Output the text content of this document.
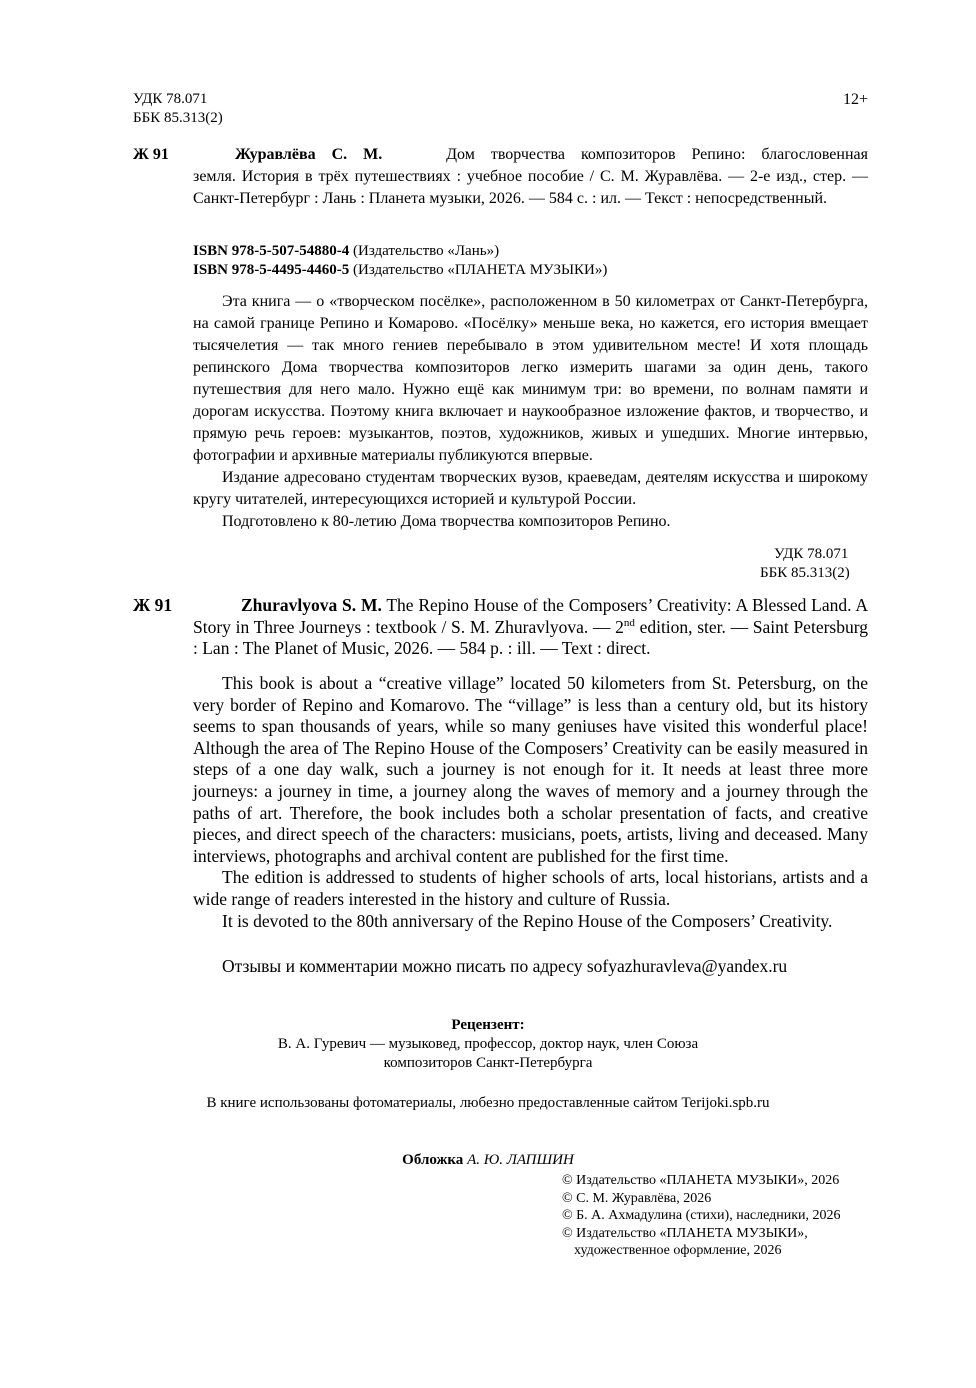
УДК 78.071
ББК 85.313(2)
12+
Ж 91	Журавлёва С. М.	Дом творчества композиторов Репино: благословенная
земля. История в трёх путешествиях : учебное пособие / С. М. Журавлёва. — 2-е изд., стер. — Санкт-Петербург : Лань : Планета музыки, 2026. — 584 с. : ил. — Текст : непосредственный.
ISBN 978-5-507-54880-4 (Издательство «Лань»)
ISBN 978-5-4495-4460-5 (Издательство «ПЛАНЕТА МУЗЫКИ»)

Эта книга — о «творческом посёлке», расположенном в 50 километрах от Санкт-Петербурга, на самой границе Репино и Комарово. «Посёлку» меньше века, но кажется, его история вмещает тысячелетия — так много гениев перебывало в этом удивительном месте! И хотя площадь репинского Дома творчества композиторов легко измерить шагами за один день, такого путешествия для него мало. Нужно ещё как минимум три: во времени, по волнам памяти и дорогам искусства. Поэтому книга включает и наукообразное изложение фактов, и творчество, и прямую речь героев: музыкантов, поэтов, художников, живых и ушедших. Многие интервью, фотографии и архивные материалы публикуются впервые.

Издание адресовано студентам творческих вузов, краеведам, деятелям искусства и широкому кругу читателей, интересующихся историей и культурой России.

Подготовлено к 80-летию Дома творчества композиторов Репино.

УДК 78.071
ББК 85.313(2)
Ж 91	Zhuravlyova S. M. The Repino House of the Composers’ Creativity: A Blessed Land. A Story in Three Journeys : textbook / S. M. Zhuravlyova. — 2nd edition, ster. — Saint Petersburg : Lan : The Planet of Music, 2026. — 584 p. : ill. — Text : direct.

This book is about a “creative village” located 50 kilometers from St. Petersburg, on the very border of Repino and Komarovo. The “village” is less than a century old, but its history seems to span thousands of years, while so many geniuses have visited this wonderful place! Although the area of The Repino House of the Composers’ Creativity can be easily measured in steps of a one day walk, such a journey is not enough for it. It needs at least three more journeys: a journey in time, a journey along the waves of memory and a journey through the paths of art. Therefore, the book includes both a scholar presentation of facts, and creative pieces, and direct speech of the characters: musicians, poets, artists, living and deceased. Many interviews, photographs and archival content are published for the first time.

The edition is addressed to students of higher schools of arts, local historians, artists and a wide range of readers interested in the history and culture of Russia.

It is devoted to the 80th anniversary of the Repino House of the Composers’ Creativity.

Отзывы и комментарии можно писать по адресу sofyazhuravleva@yandex.ru
Рецензент:
В. А. Гуревич — музыковед, профессор, доктор наук, член Союза
композиторов Санкт-Петербурга
В книге использованы фотоматериалы, любезно предоставленные сайтом Terijoki.spb.ru
Обложка А. Ю. ЛАПШИН
© Издательство «ПЛАНЕТА МУЗЫКИ», 2026
© С. М. Журавлёва, 2026
© Б. А. Ахмадулина (стихи), наследники, 2026
© Издательство «ПЛАНЕТА МУЗЫКИ»,
художественное оформление, 2026
